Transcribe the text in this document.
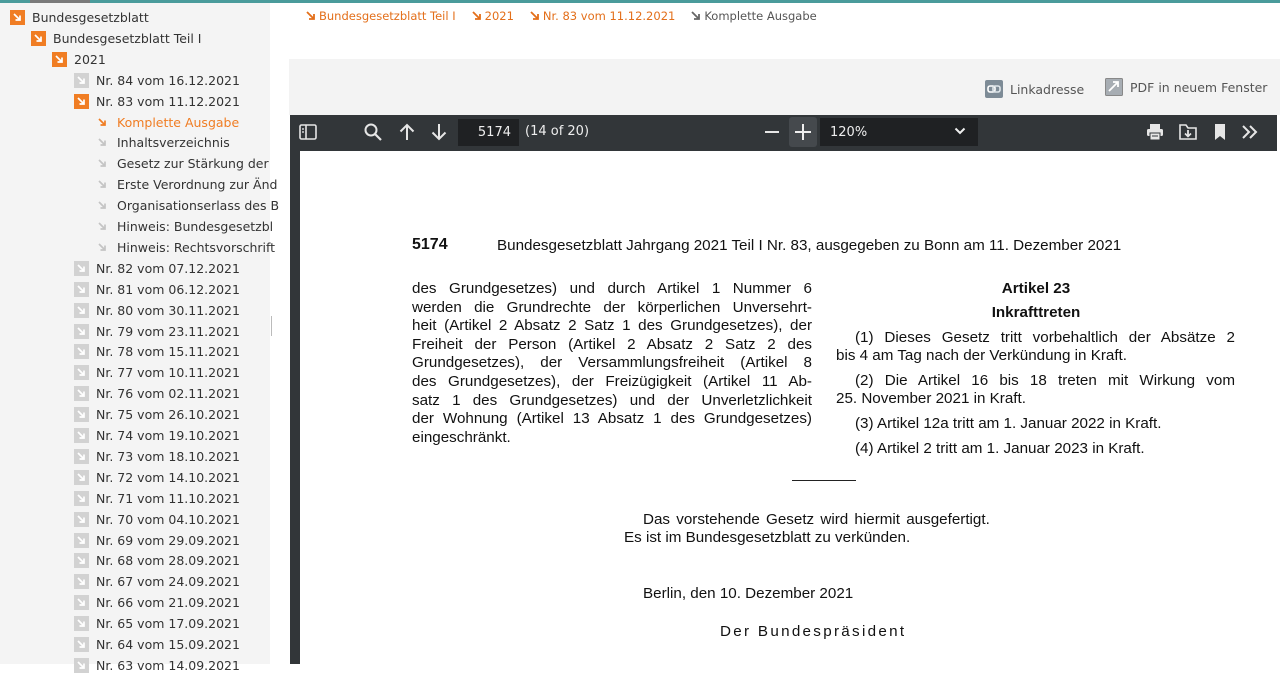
Bundesgesetzblatt
Bundesgesetzblatt Teil I
2021
Nr. 84 vom 16.12.2021
Nr. 83 vom 11.12.2021
Komplette Ausgabe
Inhaltsverzeichnis
Gesetz zur Stärkung der
Erste Verordnung zur Änd
Organisationserlass des B
Hinweis: Bundesgesetzbl
Hinweis: Rechtsvorschrift
Nr. 82 vom 07.12.2021
Nr. 81 vom 06.12.2021
Nr. 80 vom 30.11.2021
Nr. 79 vom 23.11.2021
Nr. 78 vom 15.11.2021
Nr. 77 vom 10.11.2021
Nr. 76 vom 02.11.2021
Nr. 75 vom 26.10.2021
Nr. 74 vom 19.10.2021
Nr. 73 vom 18.10.2021
Nr. 72 vom 14.10.2021
Nr. 71 vom 11.10.2021
Nr. 70 vom 04.10.2021
Nr. 69 vom 29.09.2021
Nr. 68 vom 28.09.2021
Nr. 67 vom 24.09.2021
Nr. 66 vom 21.09.2021
Nr. 65 vom 17.09.2021
Nr. 64 vom 15.09.2021
Nr. 63 vom 14.09.2021
Bundesgesetzblatt Teil I	2021	Nr. 83 vom 11.12.2021	Komplette Ausgabe
Linkadresse	PDF in neuem Fenster
5174
(14 of 20)	120%
5174	Bundesgesetzblatt Jahrgang 2021 Teil I Nr. 83, ausgegeben zu Bonn am 11. Dezember 2021
des Grundgesetzes) und durch Artikel 1 Nummer 6
werden die Grundrechte der körperlichen Unversehrt-
heit (Artikel 2 Absatz 2 Satz 1 des Grundgesetzes), der
Freiheit der Person (Artikel 2 Absatz 2 Satz 2 des
Grundgesetzes), der Versammlungsfreiheit (Artikel 8
des Grundgesetzes), der Freizügigkeit (Artikel 11 Ab-
satz 1 des Grundgesetzes) und der Unverletzlichkeit
der Wohnung (Artikel 13 Absatz 1 des Grundgesetzes)
eingeschränkt.
Artikel 23
Inkrafttreten
(1) Dieses Gesetz tritt vorbehaltlich der Absätze 2
bis 4 am Tag nach der Verkündung in Kraft.
(2) Die Artikel 16 bis 18 treten mit Wirkung vom
25. November 2021 in Kraft.
(3) Artikel 12a tritt am 1. Januar 2022 in Kraft.
(4) Artikel 2 tritt am 1. Januar 2023 in Kraft.
Das vorstehende Gesetz wird hiermit ausgefertigt.
Es ist im Bundesgesetzblatt zu verkünden.
Berlin, den 10. Dezember 2021
Der Bundespräsident
